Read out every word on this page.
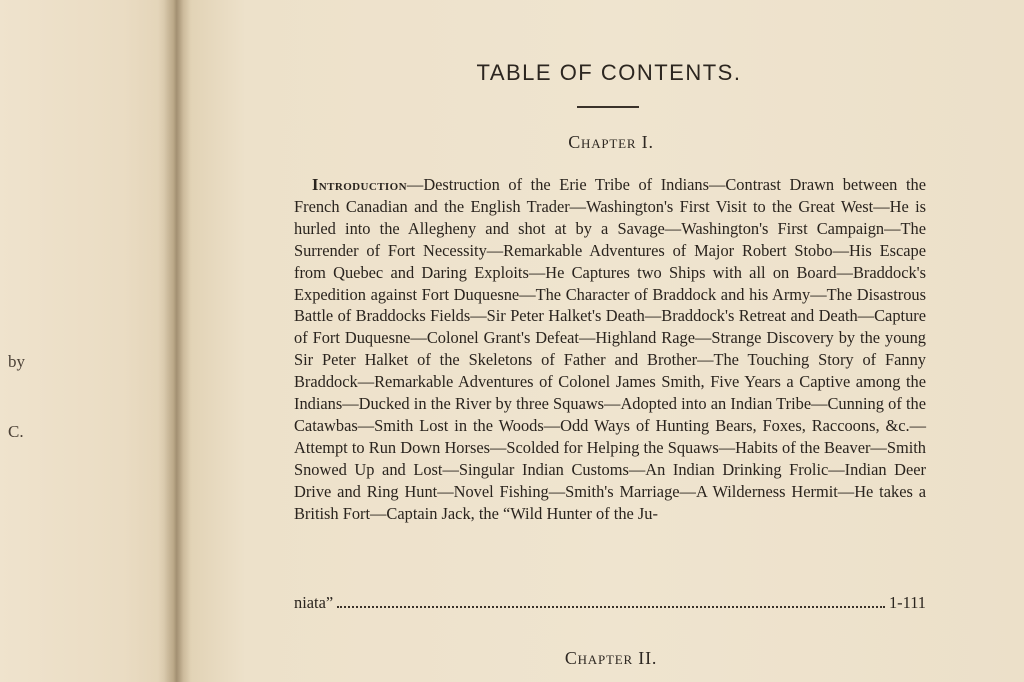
by
C.
TABLE OF CONTENTS.
Chapter I.

Introduction—Destruction of the Erie Tribe of Indians—Contrast Drawn between the French Canadian and the English Trader—Washington's First Visit to the Great West—He is hurled into the Allegheny and shot at by a Savage—Washington's First Campaign—The Surrender of Fort Necessity—Remarkable Adventures of Major Robert Stobo—His Escape from Quebec and Daring Exploits—He Captures two Ships with all on Board—Braddock's Expedition against Fort Duquesne—The Character of Braddock and his Army—The Disastrous Battle of Braddocks Fields—Sir Peter Halket's Death—Braddock's Retreat and Death—Capture of Fort Duquesne—Colonel Grant's Defeat—Highland Rage—Strange Discovery by the young Sir Peter Halket of the Skeletons of Father and Brother—The Touching Story of Fanny Braddock—Remarkable Adventures of Colonel James Smith, Five Years a Captive among the Indians—Ducked in the River by three Squaws—Adopted into an Indian Tribe—Cunning of the Catawbas—Smith Lost in the Woods—Odd Ways of Hunting Bears, Foxes, Raccoons, &c.—Attempt to Run Down Horses—Scolded for Helping the Squaws—Habits of the Beaver—Smith Snowed Up and Lost—Singular Indian Customs—An Indian Drinking Frolic—Indian Deer Drive and Ring Hunt—Novel Fishing—Smith's Marriage—A Wilderness Hermit—He takes a British Fort—Captain Jack, the “Wild Hunter of the Ju-

niata”	1-111
Chapter II.
